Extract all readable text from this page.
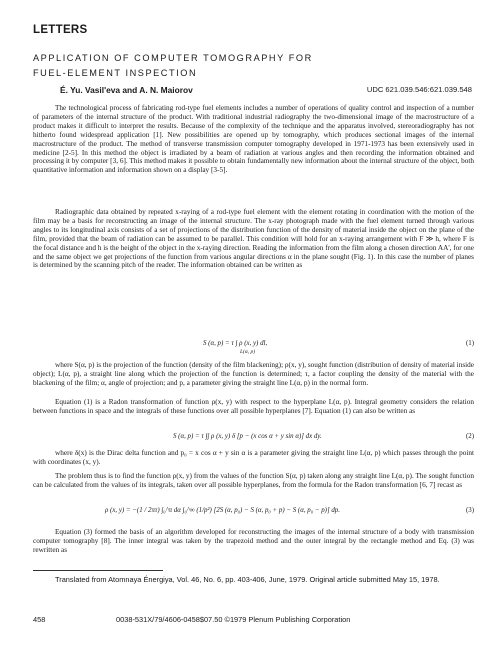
LETTERS
APPLICATION OF COMPUTER TOMOGRAPHY FOR
FUEL-ELEMENT INSPECTION
É. Yu. Vasil'eva and A. N. Maiorov	UDC 621.039.546:621.039.548

The technological process of fabricating rod-type fuel elements includes a number of operations of quality control and inspection of a number of parameters of the internal structure of the product. With traditional industrial radiography the two-dimensional image of the macrostructure of a product makes it difficult to interpret the results. Because of the complexity of the technique and the apparatus involved, stereoradiography has not hitherto found widespread application [1]. New possibilities are opened up by tomography, which produces sectional images of the internal macrostructure of the product. The method of transverse transmission computer tomography developed in 1971-1973 has been extensively used in medicine [2-5]. In this method the object is irradiated by a beam of radiation at various angles and then recording the information obtained and processing it by computer [3, 6]. This method makes it possible to obtain fundamentally new information about the internal structure of the object, both quantitative information and information shown on a display [3-5].

Radiographic data obtained by repeated x-raying of a rod-type fuel element with the element rotating in coordination with the motion of the film may be a basis for reconstructing an image of the internal structure. The x-ray photograph made with the fuel element turned through various angles to its longitudinal axis consists of a set of projections of the distribution function of the density of material inside the object on the plane of the film, provided that the beam of radiation can be assumed to be parallel. This condition will hold for an x-raying arrangement with F ≫ h, where F is the focal distance and h is the height of the object in the x-raying direction. Reading the information from the film along a chosen direction AA', for one and the same object we get projections of the function from various angular directions α in the plane sought (Fig. 1). In this case the number of planes is determined by the scanning pitch of the reader. The information obtained can be written as

S (α, p) = τ ∫ ρ (x, y) dl,
L(α, p)
(1)

where S(α, p) is the projection of the function (density of the film blackening); ρ(x, y), sought function (distribution of density of material inside object); L(α, p), a straight line along which the projection of the function is determined; τ, a factor coupling the density of the material with the blackening of the film; α, angle of projection; and p, a parameter giving the straight line L(α, p) in the normal form.

Equation (1) is a Radon transformation of function ρ(x, y) with respect to the hyperplane L(α, p). Integral geometry considers the relation between functions in space and the integrals of these functions over all possible hyperplanes [7]. Equation (1) can also be written as

S (α, p) = τ ∫∫ ρ (x, y) δ [p − (x cos α + y sin α)] dx dy.	(2)

where δ(x) is the Dirac delta function and p₀ = x cos α + y sin α is a parameter giving the straight line L(α, p) which passes through the point with coordinates (x, y).

The problem thus is to find the function ρ(x, y) from the values of the function S(α, p) taken along any straight line L(α, p). The sought function can be calculated from the values of its integrals, taken over all possible hyperplanes, from the formula for the Radon transformation [6, 7] recast as

ρ (x, y) = −(1 / 2πτ) ∫₀^π dα ∫₀^∞ (1/p²) [2S (α, p₀) − S (α, p₀ + p) − S (α, p₀ − p)] dp.	(3)

Equation (3) formed the basis of an algorithm developed for reconstructing the images of the internal structure of a body with transmission computer tomography [8]. The inner integral was taken by the trapezoid method and the outer integral by the rectangle method and Eq. (3) was rewritten as

Translated from Atomnaya Énergiya, Vol. 46, No. 6, pp. 403-406, June, 1979. Original article submitted May 15, 1978.

458	0038-531X/79/4606-0458$07.50 ©1979 Plenum Publishing Corporation
